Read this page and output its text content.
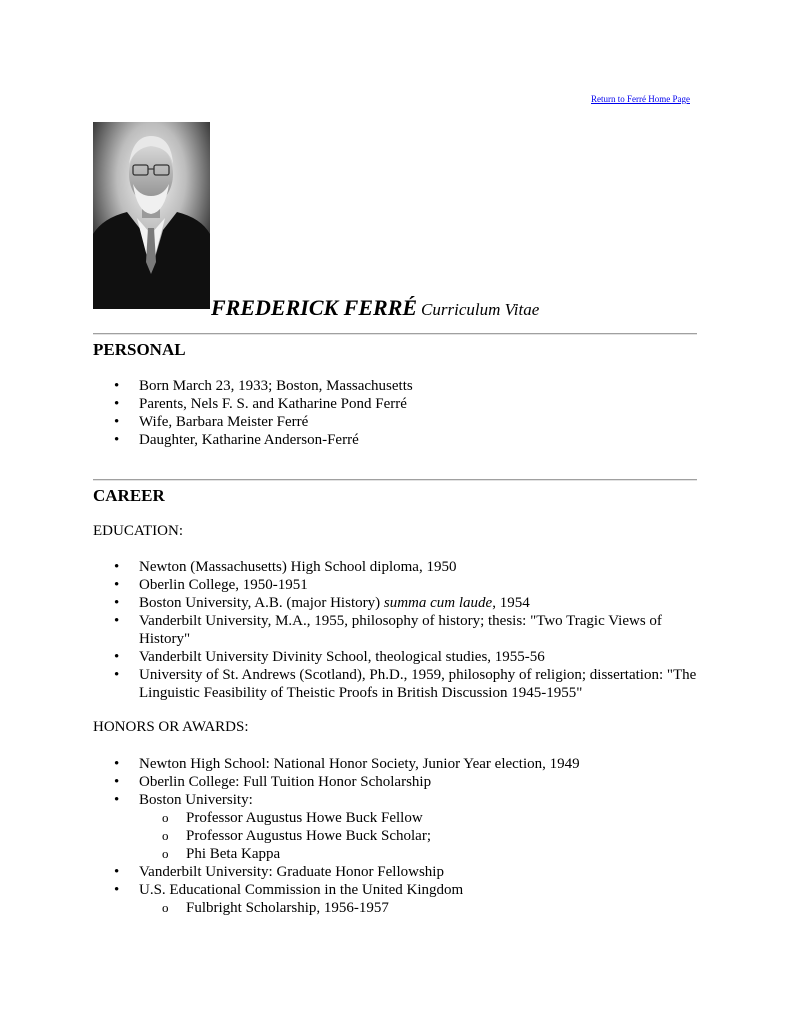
Return to Ferré Home Page
FREDERICK FERRÉ Curriculum Vitae
PERSONAL
• Born March 23, 1933; Boston, Massachusetts
• Parents, Nels F. S. and Katharine Pond Ferré
• Wife, Barbara Meister Ferré
• Daughter, Katharine Anderson-Ferré
CAREER
EDUCATION:
• Newton (Massachusetts) High School diploma, 1950
• Oberlin College, 1950-1951
• Boston University, A.B. (major History) summa cum laude, 1954
• Vanderbilt University, M.A., 1955, philosophy of history; thesis: "Two Tragic Views of History"
• Vanderbilt University Divinity School, theological studies, 1955-56
• University of St. Andrews (Scotland), Ph.D., 1959, philosophy of religion; dissertation: "The Linguistic Feasibility of Theistic Proofs in British Discussion 1945-1955"
HONORS OR AWARDS:
• Newton High School: National Honor Society, Junior Year election, 1949
• Oberlin College: Full Tuition Honor Scholarship
• Boston University:
o Professor Augustus Howe Buck Fellow
o Professor Augustus Howe Buck Scholar;
o Phi Beta Kappa
• Vanderbilt University: Graduate Honor Fellowship
• U.S. Educational Commission in the United Kingdom
o Fulbright Scholarship, 1956-1957
